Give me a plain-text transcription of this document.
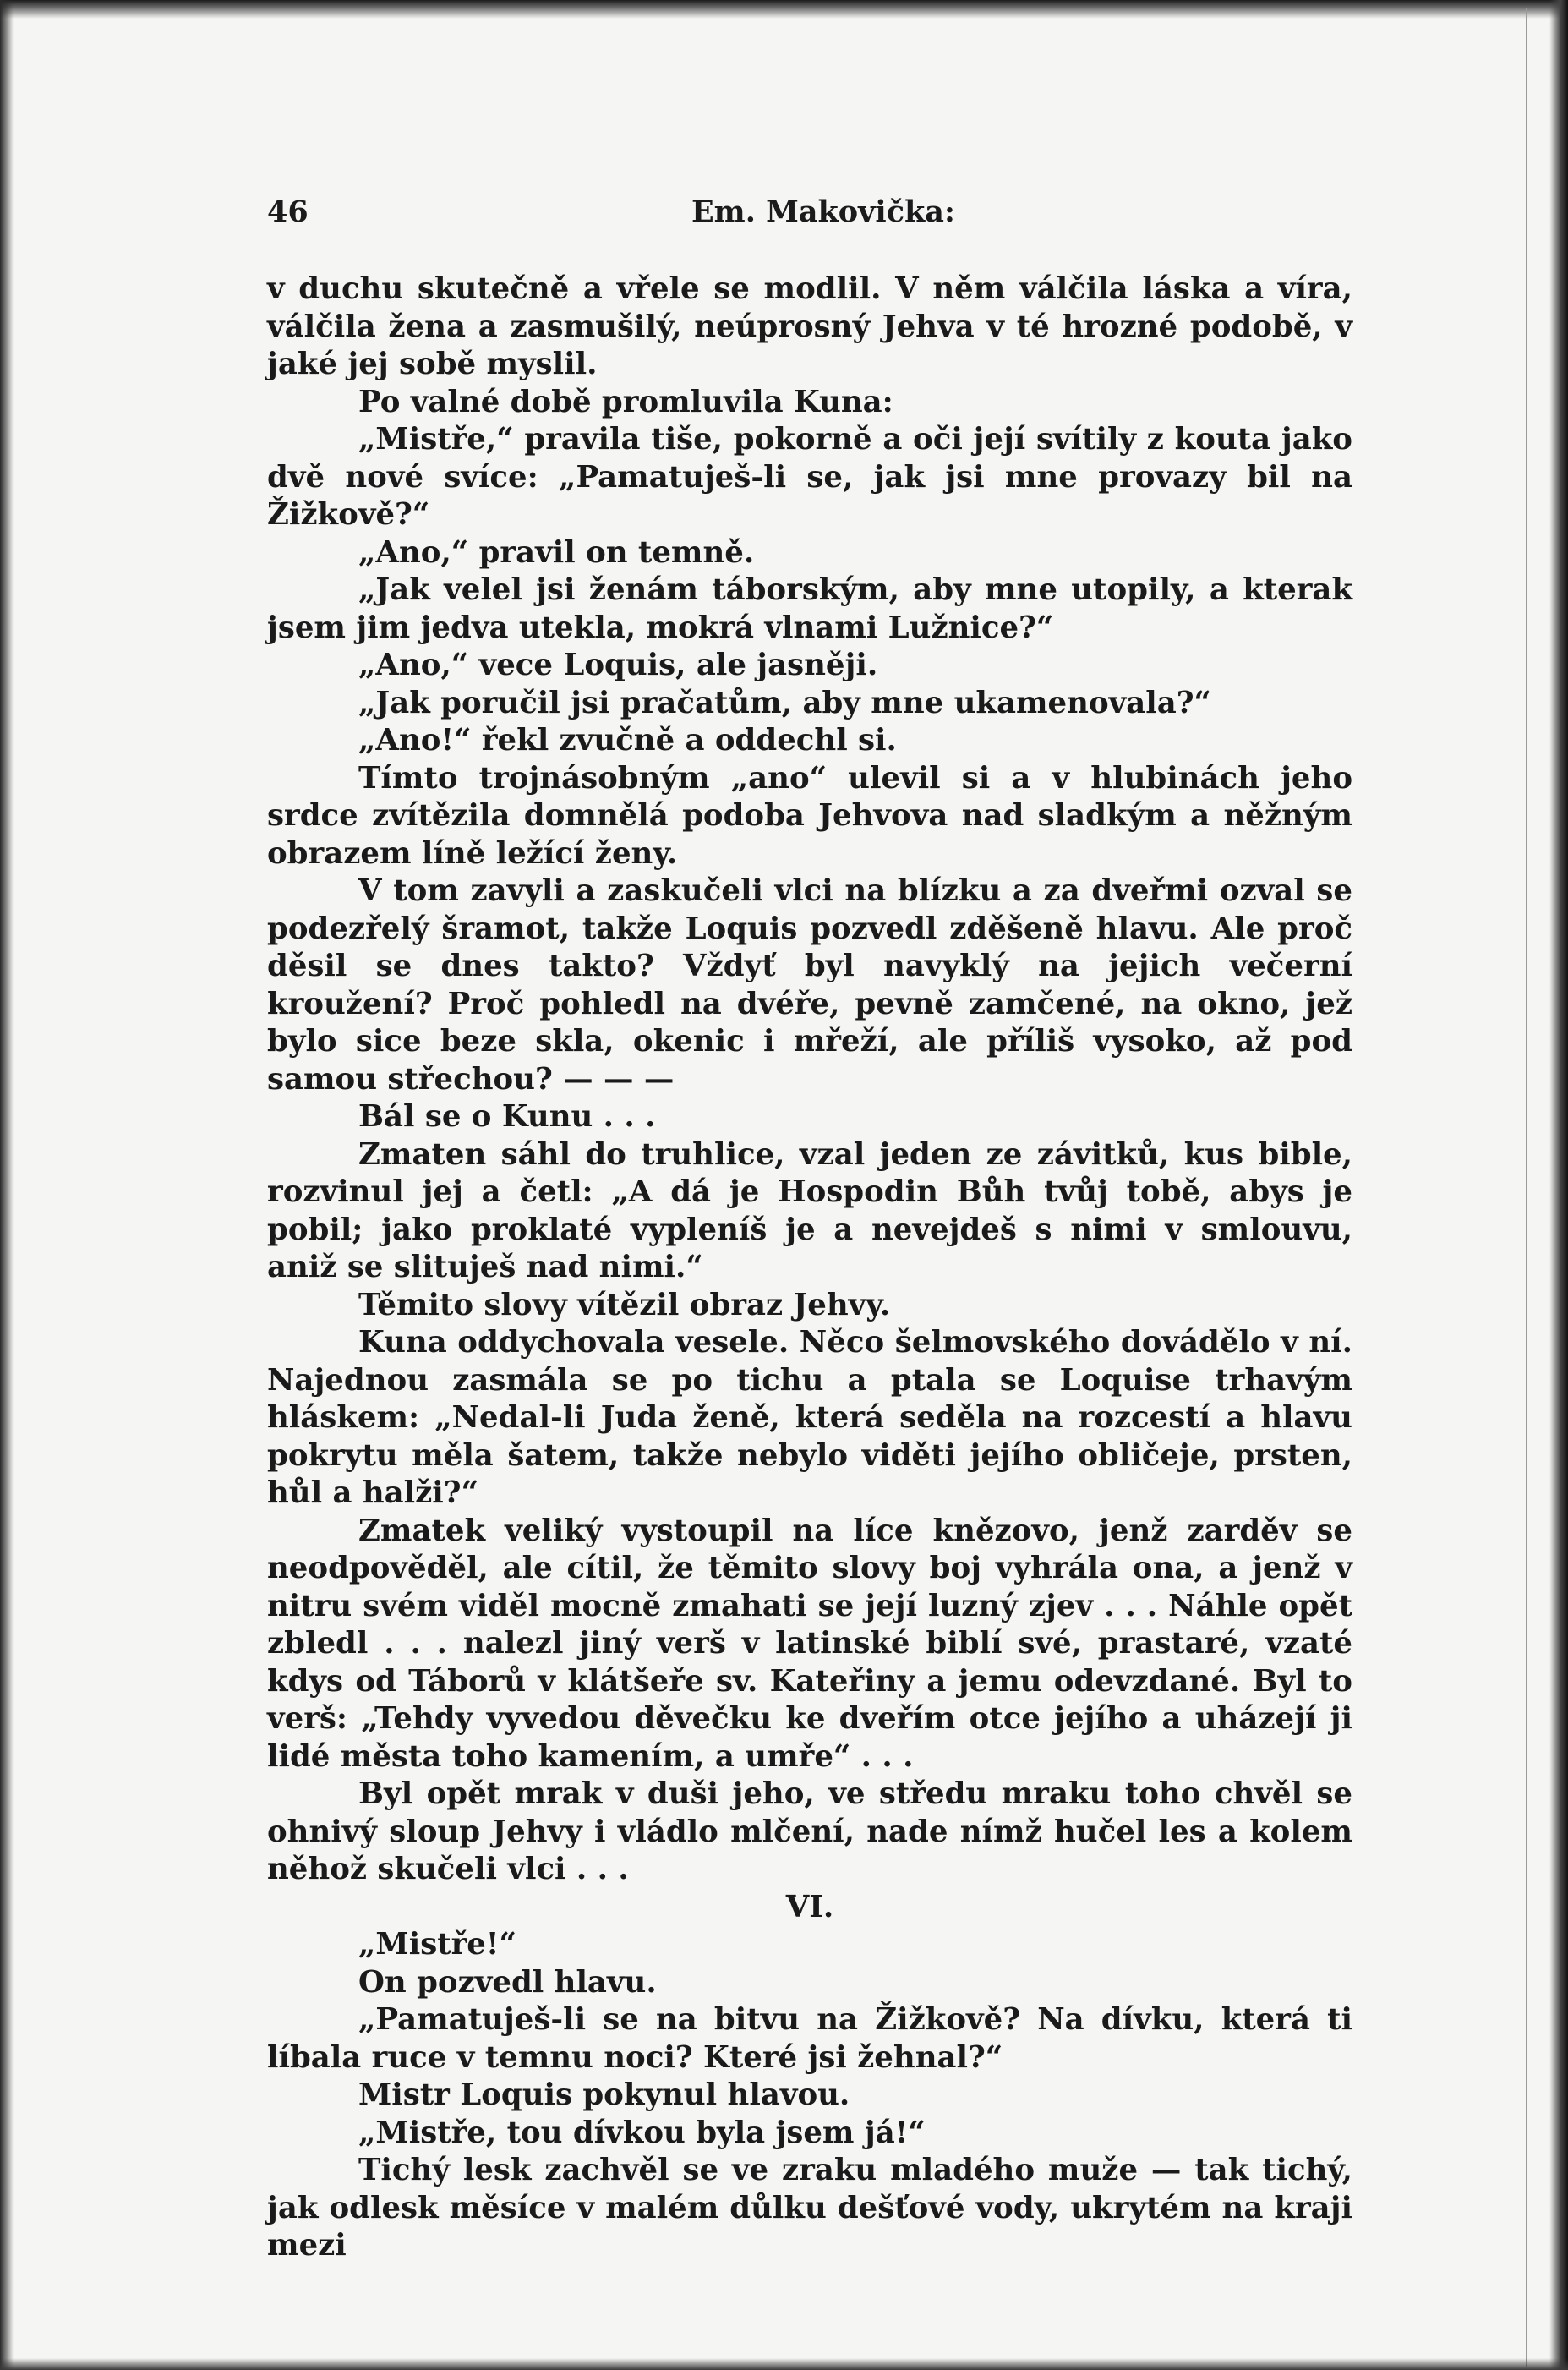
46	Em. Makovička:

v duchu skutečně a vřele se modlil. V něm válčila láska a víra, válčila žena a zasmušilý, neúprosný Jehva v té hrozné podobě, v jaké jej sobě myslil.

Po valné době promluvila Kuna:

„Mistře,“ pravila tiše, pokorně a oči její svítily z kouta jako dvě nové svíce: „Pamatuješ-li se, jak jsi mne provazy bil na Žižkově?“

„Ano,“ pravil on temně.

„Jak velel jsi ženám táborským, aby mne utopily, a kterak jsem jim jedva utekla, mokrá vlnami Lužnice?“

„Ano,“ vece Loquis, ale jasněji.

„Jak poručil jsi pračatům, aby mne ukamenovala?“

„Ano!“ řekl zvučně a oddechl si.

Tímto trojnásobným „ano“ ulevil si a v hlubinách jeho srdce zvítězila domnělá podoba Jehvova nad sladkým a něžným obrazem líně ležící ženy.

V tom zavyli a zaskučeli vlci na blízku a za dveřmi ozval se podezřelý šramot, takže Loquis pozvedl zděšeně hlavu. Ale proč děsil se dnes takto? Vždyť byl navyklý na jejich večerní kroužení? Proč pohledl na dvéře, pevně zamčené, na okno, jež bylo sice beze skla, okenic i mřeží, ale příliš vysoko, až pod samou střechou? — — —

Bál se o Kunu . . .

Zmaten sáhl do truhlice, vzal jeden ze závitků, kus bible, rozvinul jej a četl: „A dá je Hospodin Bůh tvůj tobě, abys je pobil; jako proklaté vypleníš je a nevejdeš s nimi v smlouvu, aniž se slituješ nad nimi.“

Těmito slovy vítězil obraz Jehvy.

Kuna oddychovala vesele. Něco šelmovského dovádělo v ní. Najednou zasmála se po tichu a ptala se Loquise trhavým hláskem: „Nedal-li Juda ženě, která seděla na rozcestí a hlavu pokrytu měla šatem, takže nebylo viděti jejího obličeje, prsten, hůl a halži?“

Zmatek veliký vystoupil na líce knězovo, jenž zarděv se neodpověděl, ale cítil, že těmito slovy boj vyhrála ona, a jenž v nitru svém viděl mocně zmahati se její luzný zjev . . . Náhle opět zbledl . . . nalezl jiný verš v latinské biblí své, prastaré, vzaté kdys od Táborů v klátšeře sv. Kateřiny a jemu odevzdané. Byl to verš: „Tehdy vyvedou děvečku ke dveřím otce jejího a uházejí ji lidé města toho kamením, a umře“ . . .

Byl opět mrak v duši jeho, ve středu mraku toho chvěl se ohnivý sloup Jehvy i vládlo mlčení, nade nímž hučel les a kolem něhož skučeli vlci . . .

VI.

„Mistře!“

On pozvedl hlavu.

„Pamatuješ-li se na bitvu na Žižkově? Na dívku, která ti líbala ruce v temnu noci? Které jsi žehnal?“

Mistr Loquis pokynul hlavou.

„Mistře, tou dívkou byla jsem já!“

Tichý lesk zachvěl se ve zraku mladého muže — tak tichý, jak odlesk měsíce v malém důlku dešťové vody, ukrytém na kraji mezi
